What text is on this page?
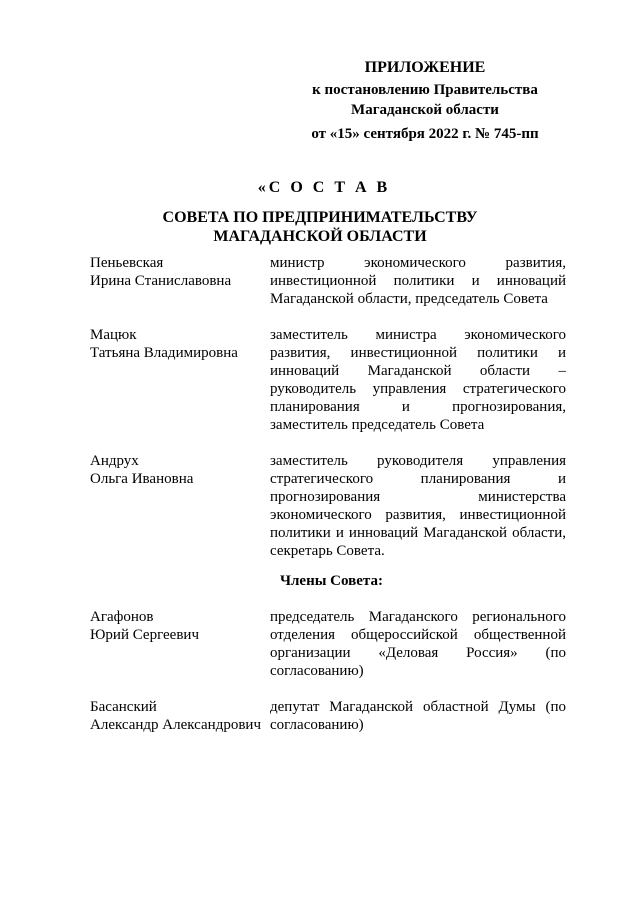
ПРИЛОЖЕНИЕ
к постановлению Правительства
Магаданской области
от «15» сентября 2022 г. № 745-пп
«С О С Т А В
СОВЕТА ПО ПРЕДПРИНИМАТЕЛЬСТВУ
МАГАДАНСКОЙ ОБЛАСТИ
Пеньевская
Ирина Станиславовна
министр экономического развития, инвестиционной политики и инноваций Магаданской области, председатель Совета
Мацюк
Татьяна Владимировна
заместитель министра экономического развития, инвестиционной политики и инноваций Магаданской области – руководитель управления стратегического планирования и прогнозирования, заместитель председатель Совета
Андрух
Ольга Ивановна
заместитель руководителя управления стратегического планирования и прогнозирования министерства экономического развития, инвестиционной политики и инноваций Магаданской области, секретарь Совета.
Члены Совета:
Агафонов
Юрий Сергеевич
председатель Магаданского регионального отделения общероссийской общественной организации «Деловая Россия» (по согласованию)
Басанский
Александр Александрович
депутат Магаданской областной Думы (по согласованию)
